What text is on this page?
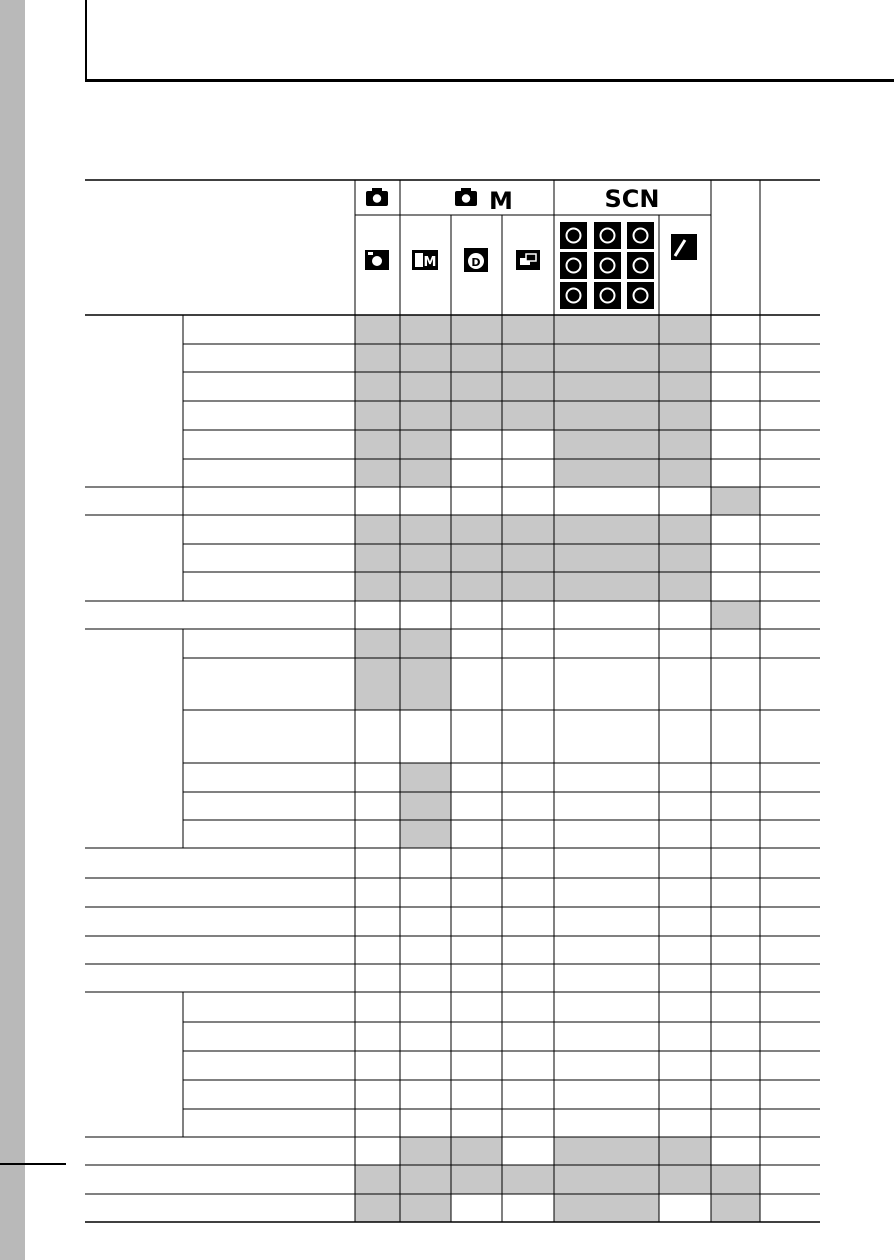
M	SCN
M	D
